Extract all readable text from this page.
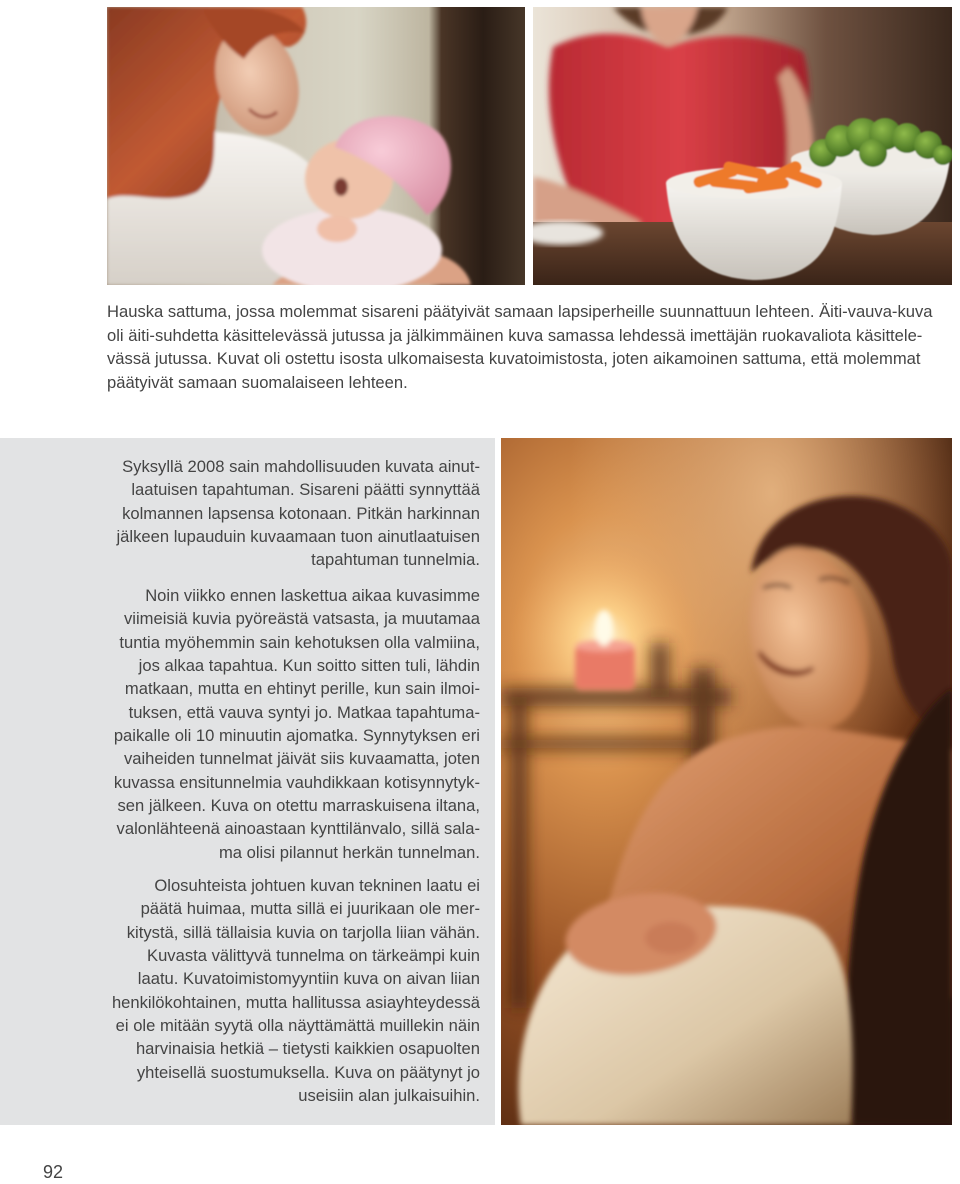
Hauska sattuma, jossa molemmat sisareni päätyivät samaan lapsiperheille suunnattuun lehteen. Äiti-vauva-kuva
oli äiti-suhdetta käsittelevässä jutussa ja jälkimmäinen kuva samassa lehdessä imettäjän ruokavaliota käsittele-
vässä jutussa. Kuvat oli ostettu isosta ulkomaisesta kuvatoimistosta, joten aikamoinen sattuma, että molemmat
päätyivät samaan suomalaiseen lehteen.
Syksyllä 2008 sain mahdollisuuden kuvata ainut-
laatuisen tapahtuman. Sisareni päätti synnyttää
kolmannen lapsensa kotonaan. Pitkän harkinnan
jälkeen lupauduin kuvaamaan tuon ainutlaatuisen
tapahtuman tunnelmia.
Noin viikko ennen laskettua aikaa kuvasimme
viimeisiä kuvia pyöreästä vatsasta, ja muutamaa
tuntia myöhemmin sain kehotuksen olla valmiina,
jos alkaa tapahtua. Kun soitto sitten tuli, lähdin
matkaan, mutta en ehtinyt perille, kun sain ilmoi-
tuksen, että vauva syntyi jo. Matkaa tapahtuma-
paikalle oli 10 minuutin ajomatka. Synnytyksen eri
vaiheiden tunnelmat jäivät siis kuvaamatta, joten
kuvassa ensitunnelmia vauhdikkaan kotisynnytyk-
sen jälkeen. Kuva on otettu marraskuisena iltana,
valonlähteenä ainoastaan kynttilänvalo, sillä sala-
ma olisi pilannut herkän tunnelman.
Olosuhteista johtuen kuvan tekninen laatu ei
päätä huimaa, mutta sillä ei juurikaan ole mer-
kitystä, sillä tällaisia kuvia on tarjolla liian vähän.
Kuvasta välittyvä tunnelma on tärkeämpi kuin
laatu. Kuvatoimistomyyntiin kuva on aivan liian
henkilökohtainen, mutta hallitussa asiayhteydessä
ei ole mitään syytä olla näyttämättä muillekin näin
harvinaisia hetkiä – tietysti kaikkien osapuolten
yhteisellä suostumuksella. Kuva on päätynyt jo
useisiin alan julkaisuihin.
92
